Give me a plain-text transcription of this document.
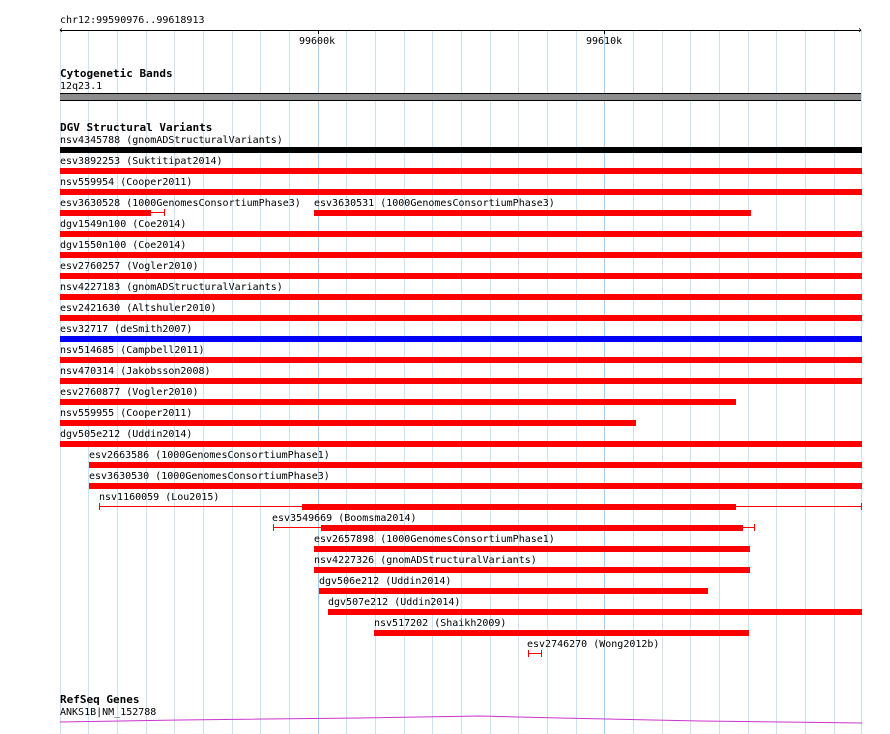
chr12:99590976..99618913
‹	›
99600k	99610k
Cytogenetic Bands
12q23.1
DGV Structural Variants
nsv4345788 (gnomADStructuralVariants)
esv3892253 (Suktitipat2014)
nsv559954 (Cooper2011)
esv3630528 (1000GenomesConsortiumPhase3) esv3630531 (1000GenomesConsortiumPhase3)
dgv1549n100 (Coe2014)
dgv1550n100 (Coe2014)
esv2760257 (Vogler2010)
nsv4227183 (gnomADStructuralVariants)
esv2421630 (Altshuler2010)
esv32717 (deSmith2007)
nsv514685 (Campbell2011)
nsv470314 (Jakobsson2008)
esv2760877 (Vogler2010)
nsv559955 (Cooper2011)
dgv505e212 (Uddin2014)
esv2663586 (1000GenomesConsortiumPhase1)
esv3630530 (1000GenomesConsortiumPhase3)
nsv1160059 (Lou2015)
esv3549669 (Boomsma2014)
esv2657898 (1000GenomesConsortiumPhase1)
nsv4227326 (gnomADStructuralVariants)
dgv506e212 (Uddin2014)
dgv507e212 (Uddin2014)
nsv517202 (Shaikh2009)
esv2746270 (Wong2012b)
RefSeq Genes
ANKS1B|NM_152788
